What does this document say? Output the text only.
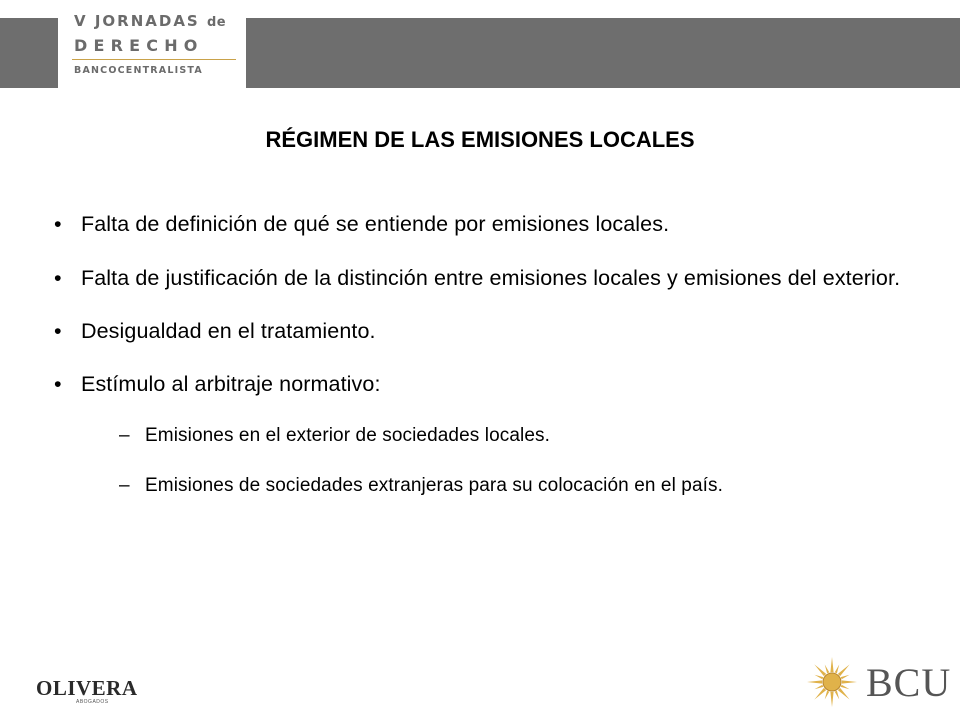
V JORNADAS de
DERECHO
BANCOCENTRALISTA
RÉGIMEN DE LAS EMISIONES LOCALES
• Falta de definición de qué se entiende por emisiones locales.
• Falta de justificación de la distinción entre emisiones locales y emisiones del exterior.
• Desigualdad en el tratamiento.
• Estímulo al arbitraje normativo:
– Emisiones en el exterior de sociedades locales.
– Emisiones de sociedades extranjeras para su colocación en el país.
OLIVERA
ABOGADOS	BCU
